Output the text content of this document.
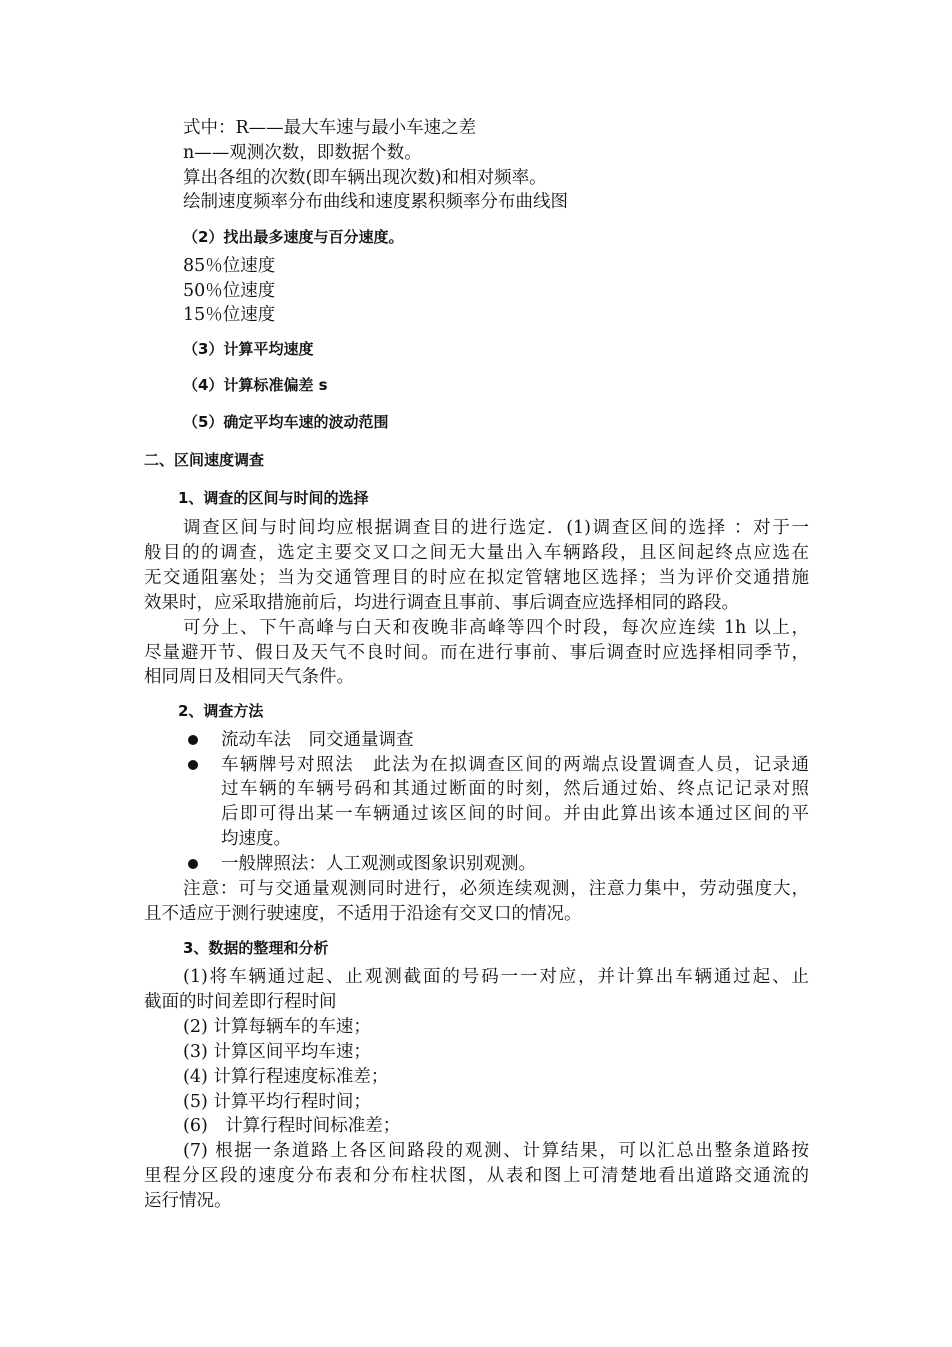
式中：R——最大车速与最小车速之差
n——观测次数，即数据个数。
算出各组的次数(即车辆出现次数)和相对频率。
绘制速度频率分布曲线和速度累积频率分布曲线图
（2）找出最多速度与百分速度。
85％位速度
50％位速度
15％位速度
（3）计算平均速度
（4）计算标准偏差 s
（5）确定平均车速的波动范围
二、区间速度调查
1、调查的区间与时间的选择
调查区间与时间均应根据调查目的进行选定．(1)调查区间的选择 ：对于一
般目的的调查，选定主要交叉口之间无大量出入车辆路段，且区间起终点应选在
无交通阻塞处；当为交通管理目的时应在拟定管辖地区选择；当为评价交通措施
效果时，应采取措施前后，均进行调查且事前、事后调查应选择相同的路段。
可分上、下午高峰与白天和夜晚非高峰等四个时段，每次应连续 1h 以上，
尽量避开节、假日及天气不良时间。而在进行事前、事后调查时应选择相同季节，
相同周日及相同天气条件。
2、调查方法
流动车法　同交通量调查
车辆牌号对照法　此法为在拟调查区间的两端点设置调查人员，记录通
过车辆的车辆号码和其通过断面的时刻，然后通过始、终点记记录对照
后即可得出某一车辆通过该区间的时间。并由此算出该本通过区间的平
均速度。
一般牌照法：人工观测或图象识别观测。
注意：可与交通量观测同时进行，必须连续观测，注意力集中，劳动强度大，
且不适应于测行驶速度，不适用于沿途有交叉口的情况。
3、数据的整理和分析
(1)将车辆通过起、止观测截面的号码一一对应，并计算出车辆通过起、止
截面的时间差即行程时间
(2) 计算每辆车的车速；
(3) 计算区间平均车速；
(4) 计算行程速度标准差；
(5) 计算平均行程时间；
(6)　计算行程时间标准差；
(7) 根据一条道路上各区间路段的观测、计算结果，可以汇总出整条道路按
里程分区段的速度分布表和分布柱状图，从表和图上可清楚地看出道路交通流的
运行情况。
